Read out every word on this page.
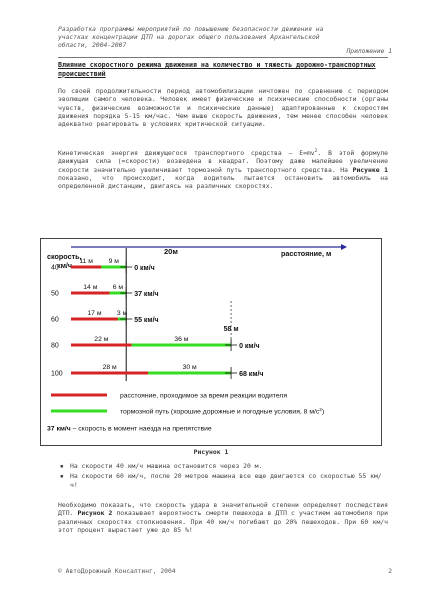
Разработка программы мероприятий по повышению безопасности движения на
участках концентрации ДТП на дорогах общего пользования Архангельской
области, 2004-2007
Приложение 1
Влияние скоростного режима движения на количество и тяжесть дорожно-транспортных происшествий
По своей продолжительности период автомобилизации ничтожен по сравнению с периодом эволюции самого человека. Человек имеет физические и психические способности (органы чувств, физические возможности и психические данные) адаптированные к скоростям движения порядка 5-15 км/час. Чем выше скорость движения, тем менее способен человек адекватно реагировать в условиях критической ситуации.
Кинетическая энергия движущегося транспортного средства – $E=mv^2$. В этой формуле движущая сила (=скорости) возведена в квадрат. Поэтому даже малейшее увеличение скорости значительно увеличивает тормозной путь транспортного средства. На Рисунке 1 показано, что происходит, когда водитель пытается остановить автомобиль на определенной дистанции, двигаясь на различных скоростях.
скорость,
км/ч
20м	расстояние, м
расстояние, проходимое за время реакции водителя
тормозной путь (хорошие дорожные и погодные условия, 8 $м/с^2$)
37 км/ч – скорость в момент наезда на препятствие
40
11 м 9 м
0 км/ч
50
14 м 6 м
37 км/ч
60
17 м 3 м
55 км/ч
80
22 м	36 м
0 км/ч
58 м
100
28 м	30 м
68 км/ч
Рисунок 1
▪ На скорости 40 км/ч машина остановится через 20 м.
▪ На скорости 60 км/ч, после 20 метров машина все еще двигается со скоростью 55 км/ч!
Необходимо показать, что скорость удара в значительной степени определяет последствия ДТП. Рисунок 2 показывает вероятность смерти пешехода в ДТП с участием автомобиля при различных скоростях столкновения. При 40 км/ч погибают до 20% пешеходов. При 60 км/ч этот процент вырастает уже до 85 %!
© АвтоДорожный Консалтинг, 2004	2
